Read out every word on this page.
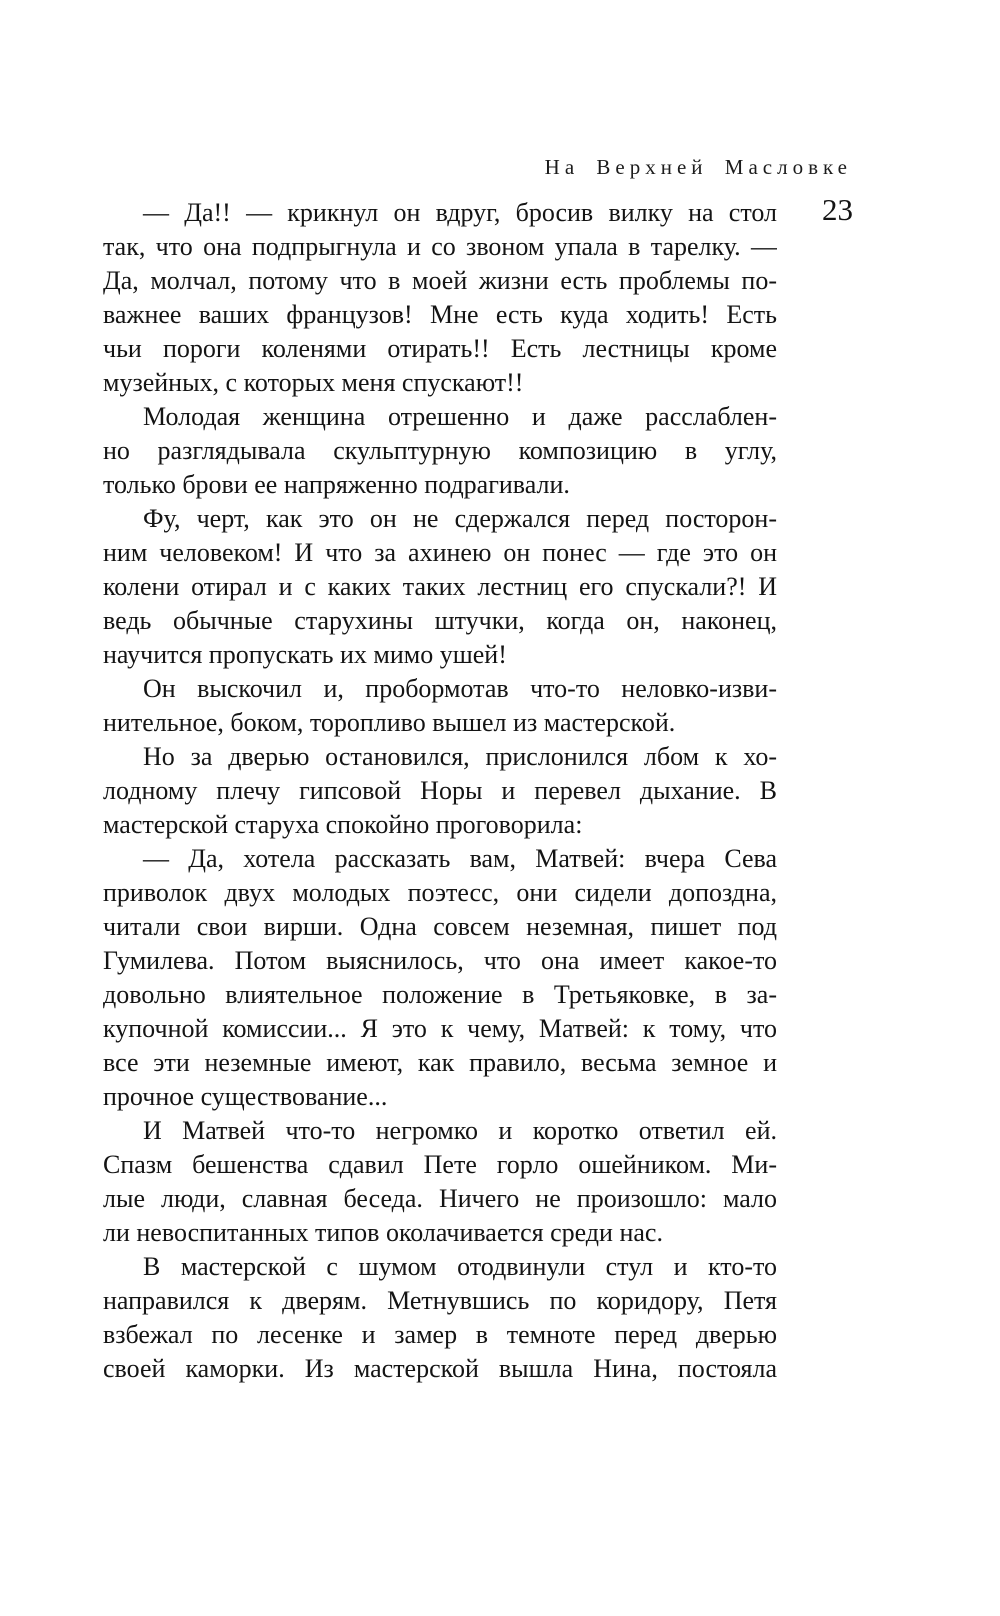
На Верхней Масловке
23
— Да!! — крикнул он вдруг, бросив вилку на стол
так, что она подпрыгнула и со звоном упала в тарелку. —
Да, молчал, потому что в моей жизни есть проблемы по-
важнее ваших французов! Мне есть куда ходить! Есть
чьи пороги коленями отирать!! Есть лестницы кроме
музейных, с которых меня спускают!!
Молодая женщина отрешенно и даже расслаблен-
но разглядывала скульптурную композицию в углу,
только брови ее напряженно подрагивали.
Фу, черт, как это он не сдержался перед посторон-
ним человеком! И что за ахинею он понес — где это он
колени отирал и с каких таких лестниц его спускали?! И
ведь обычные старухины штучки, когда он, наконец,
научится пропускать их мимо ушей!
Он выскочил и, пробормотав что-то неловко-изви-
нительное, боком, торопливо вышел из мастерской.
Но за дверью остановился, прислонился лбом к хо-
лодному плечу гипсовой Норы и перевел дыхание. В
мастерской старуха спокойно проговорила:
— Да, хотела рассказать вам, Матвей: вчера Сева
приволок двух молодых поэтесс, они сидели допоздна,
читали свои вирши. Одна совсем неземная, пишет под
Гумилева. Потом выяснилось, что она имеет какое-то
довольно влиятельное положение в Третьяковке, в за-
купочной комиссии... Я это к чему, Матвей: к тому, что
все эти неземные имеют, как правило, весьма земное и
прочное существование...
И Матвей что-то негромко и коротко ответил ей.
Спазм бешенства сдавил Пете горло ошейником. Ми-
лые люди, славная беседа. Ничего не произошло: мало
ли невоспитанных типов околачивается среди нас.
В мастерской с шумом отодвинули стул и кто-то
направился к дверям. Метнувшись по коридору, Петя
взбежал по лесенке и замер в темноте перед дверью
своей каморки. Из мастерской вышла Нина, постояла
